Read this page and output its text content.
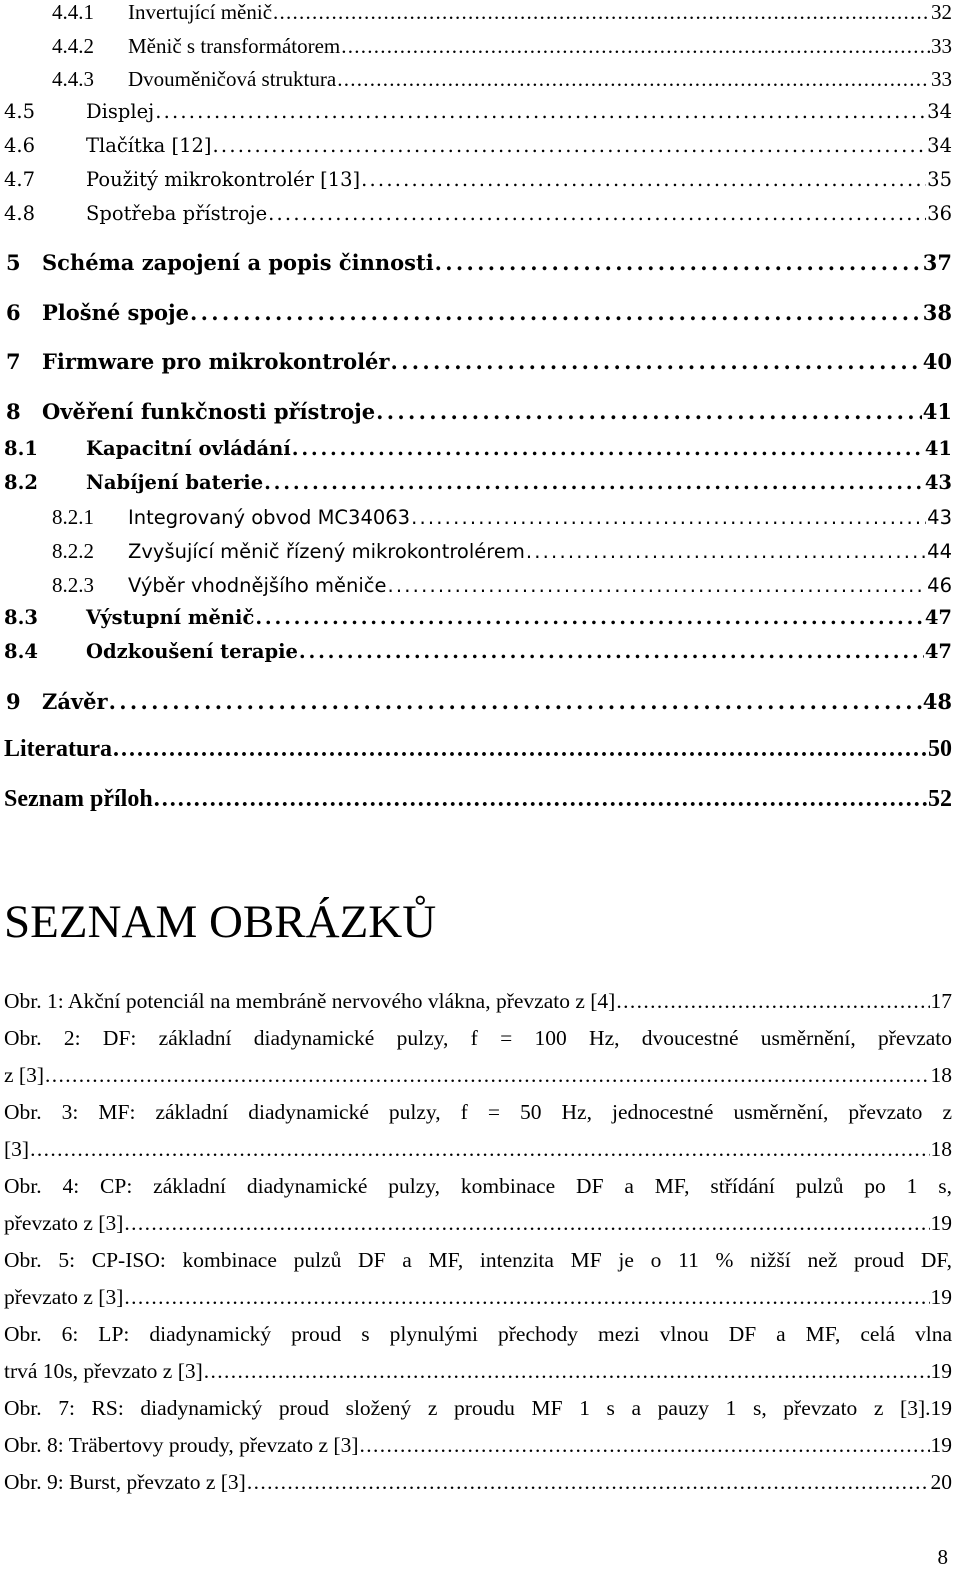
4.4.1	Invertující měnič . . .	32
4.4.2	Měnič s transformátorem . . .	33
4.4.3	Dvouměničová struktura . . .	33
4.5	Displej . . .	34
4.6	Tlačítka [12] . . .	34
4.7	Použitý mikrokontrolér [13] . . .	35
4.8	Spotřeba přístroje . . .	36
5	Schéma zapojení a popis činnosti . . .	37
6	Plošné spoje . . .	38
7	Firmware pro mikrokontrolér . . .	40
8	Ověření funkčnosti přístroje . . .	41
8.1	Kapacitní ovládání . . .	41
8.2	Nabíjení baterie . . .	43
8.2.1	Integrovaný obvod MC34063 . . .	43
8.2.2	Zvyšující měnič řízený mikrokontrolérem . . .	44
8.2.3	Výběr vhodnějšího měniče . . .	46
8.3	Výstupní měnič . . .	47
8.4	Odzkoušení terapie . . .	47
9	Závěr . . .	48
Literatura . . .	50
Seznam příloh . . .	52
SEZNAM OBRÁZKŮ
Obr. 1: Akční potenciál na membráně nervového vlákna, převzato z [4] . . .	17
Obr. 2: DF: základní diadynamické pulzy, f = 100 Hz, dvoucestné usměrnění, převzato
z [3] . . .	18
Obr. 3: MF: základní diadynamické pulzy, f = 50 Hz, jednocestné usměrnění, převzato z
[3] . . .	18
Obr. 4: CP: základní diadynamické pulzy, kombinace DF a MF, střídání pulzů po 1 s,
převzato z [3] . . .	19
Obr. 5: CP-ISO: kombinace pulzů DF a MF, intenzita MF je o 11 % nižší než proud DF,
převzato z [3] . . .	19
Obr. 6: LP: diadynamický proud s plynulými přechody mezi vlnou DF a MF, celá vlna
trvá 10s, převzato z [3] . . .	19
Obr. 7: RS: diadynamický proud složený z proudu MF 1 s a pauzy 1 s, převzato z [3]. 19
Obr. 8: Träbertovy proudy, převzato z [3] . . .	19
Obr. 9: Burst, převzato z [3] . . .	20
8
